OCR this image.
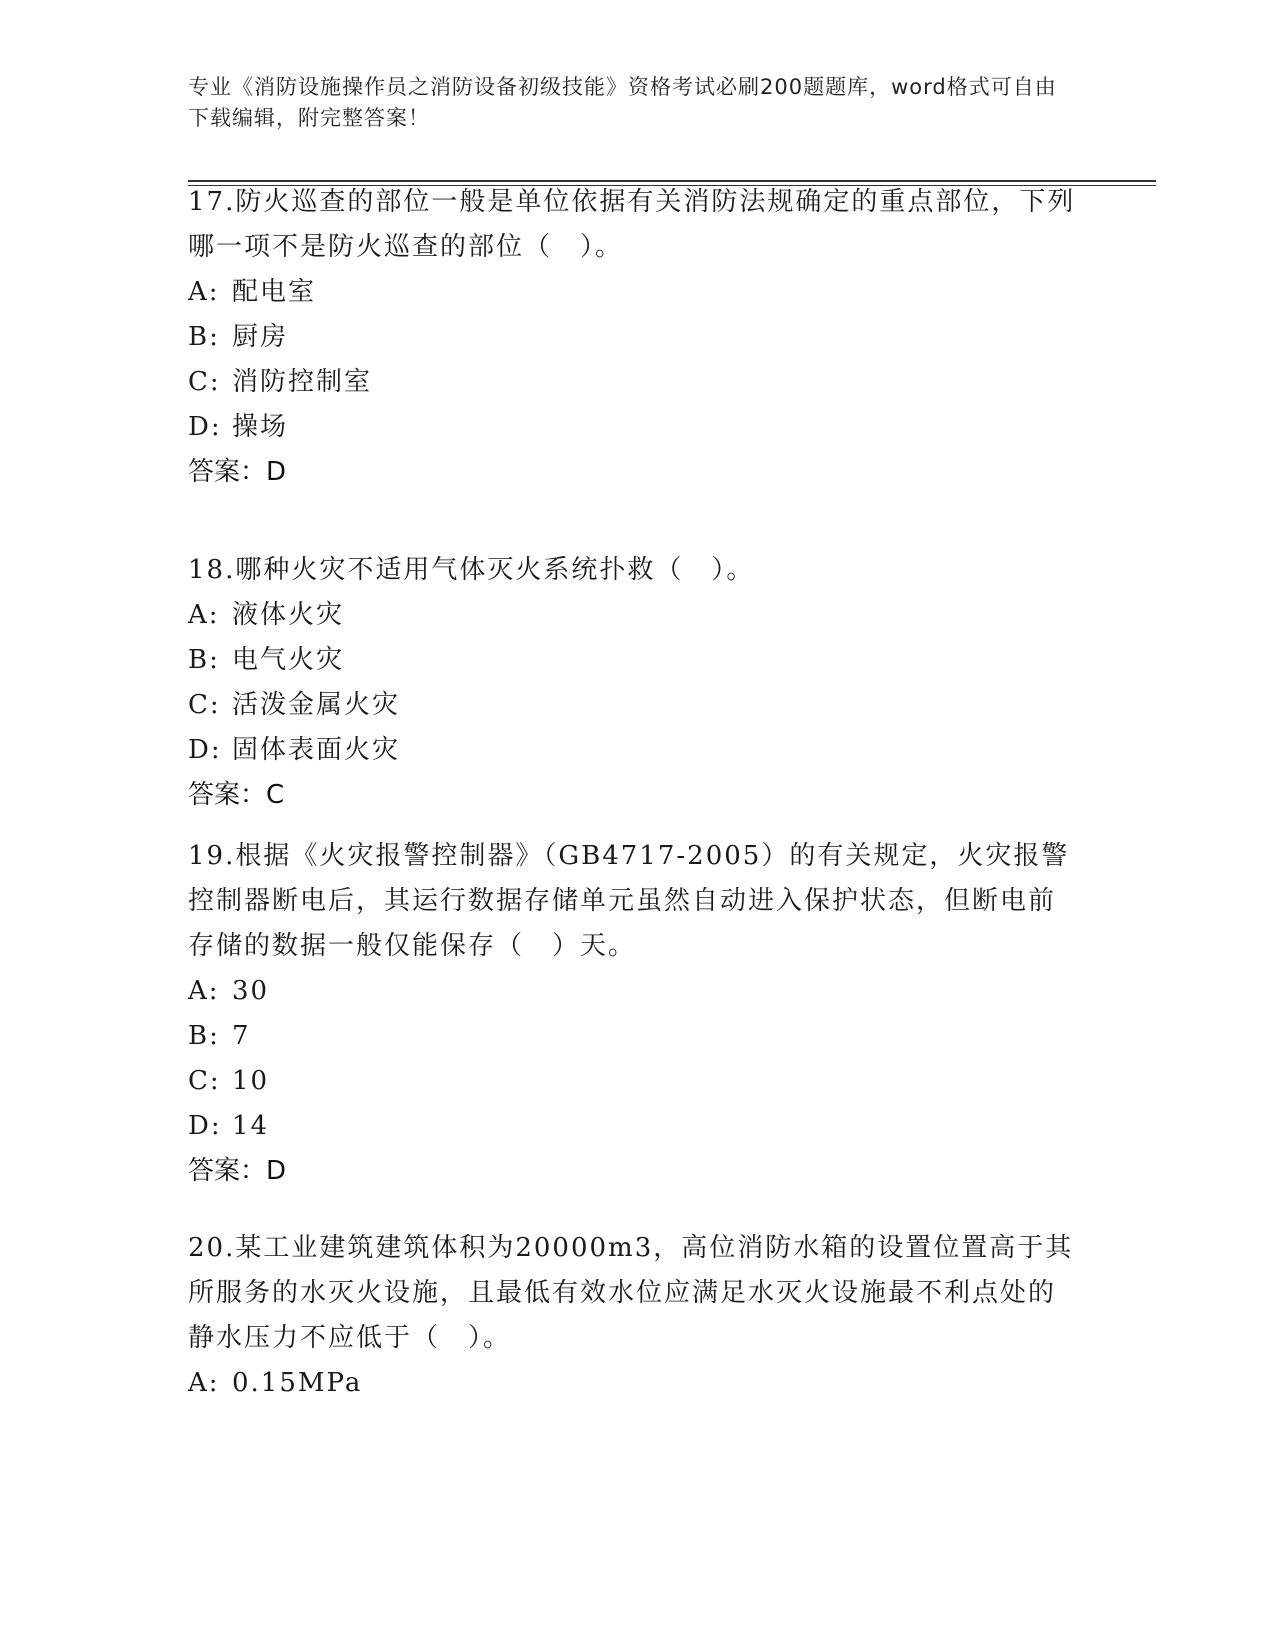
专业《消防设施操作员之消防设备初级技能》资格考试必刷200题题库，word格式可自由下载编辑，附完整答案！

17.防火巡查的部位一般是单位依据有关消防法规确定的重点部位，下列哪一项不是防火巡查的部位（　）。

A: 配电室

B: 厨房

C: 消防控制室

D: 操场

答案：D

18.哪种火灾不适用气体灭火系统扑救（　）。

A: 液体火灾

B: 电气火灾

C: 活泼金属火灾

D: 固体表面火灾

答案：C

19.根据《火灾报警控制器》（GB4717-2005）的有关规定，火灾报警控制器断电后，其运行数据存储单元虽然自动进入保护状态，但断电前存储的数据一般仅能保存（　）天。

A: 30

B: 7

C: 10

D: 14

答案：D

20.某工业建筑建筑体积为20000m3，高位消防水箱的设置位置高于其所服务的水灭火设施，且最低有效水位应满足水灭火设施最不利点处的静水压力不应低于（　）。

A: 0.15MPa
